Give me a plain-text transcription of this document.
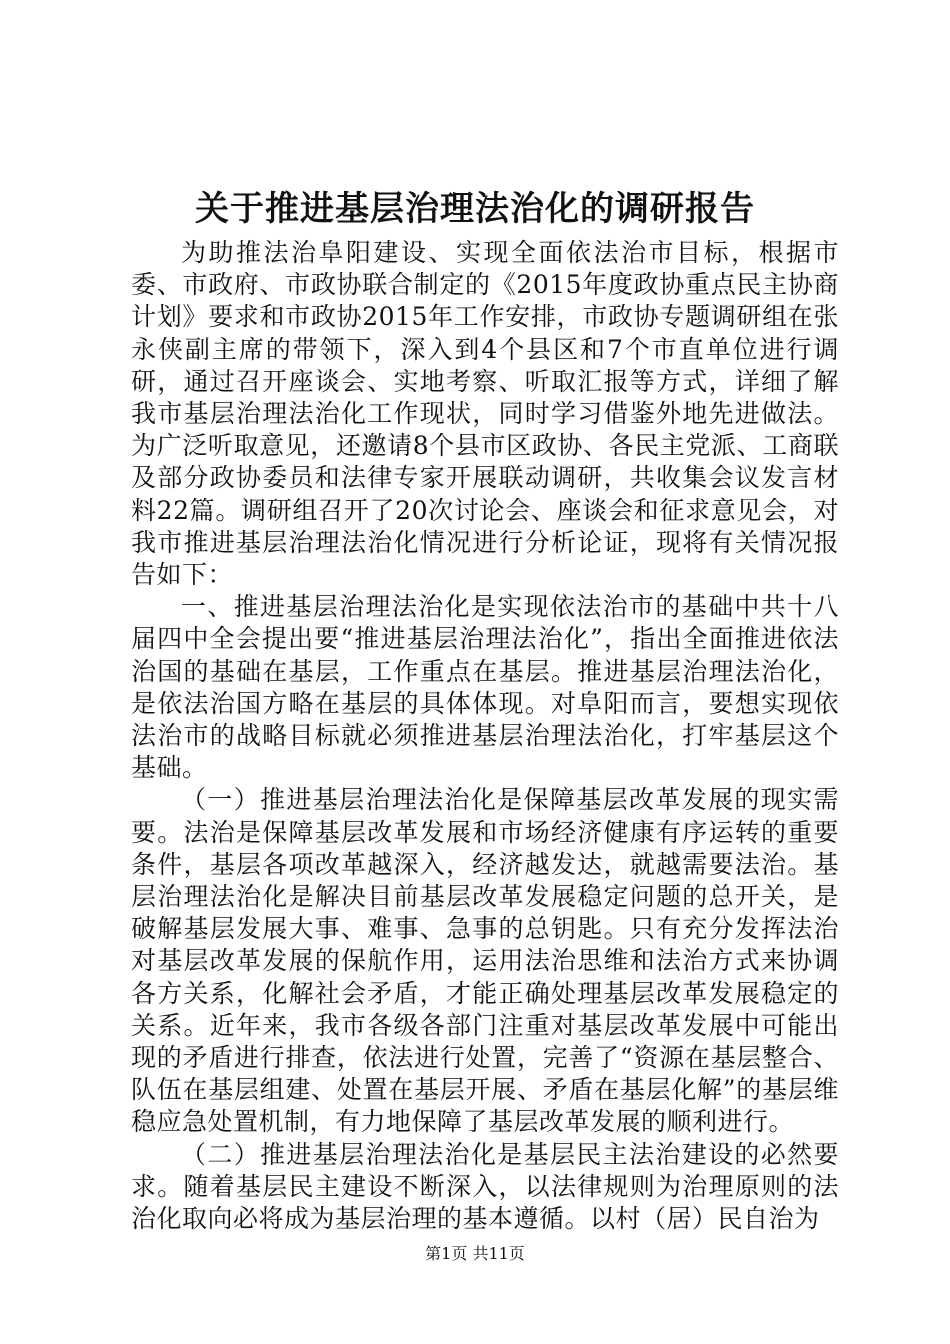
关于推进基层治理法治化的调研报告

为助推法治阜阳建设、实现全面依法治市目标，根据市委、市政府、市政协联合制定的《2015年度政协重点民主协商计划》要求和市政协2015年工作安排，市政协专题调研组在张永侠副主席的带领下，深入到4个县区和7个市直单位进行调研，通过召开座谈会、实地考察、听取汇报等方式，详细了解我市基层治理法治化工作现状，同时学习借鉴外地先进做法。为广泛听取意见，还邀请8个县市区政协、各民主党派、工商联及部分政协委员和法律专家开展联动调研，共收集会议发言材料22篇。调研组召开了20次讨论会、座谈会和征求意见会，对我市推进基层治理法治化情况进行分析论证，现将有关情况报告如下：

一、推进基层治理法治化是实现依法治市的基础中共十八届四中全会提出要“推进基层治理法治化”，指出全面推进依法治国的基础在基层，工作重点在基层。推进基层治理法治化，是依法治国方略在基层的具体体现。对阜阳而言，要想实现依法治市的战略目标就必须推进基层治理法治化，打牢基层这个基础。

（一）推进基层治理法治化是保障基层改革发展的现实需要。法治是保障基层改革发展和市场经济健康有序运转的重要条件，基层各项改革越深入，经济越发达，就越需要法治。基层治理法治化是解决目前基层改革发展稳定问题的总开关，是破解基层发展大事、难事、急事的总钥匙。只有充分发挥法治对基层改革发展的保航作用，运用法治思维和法治方式来协调各方关系，化解社会矛盾，才能正确处理基层改革发展稳定的关系。近年来，我市各级各部门注重对基层改革发展中可能出现的矛盾进行排查，依法进行处置，完善了“资源在基层整合、队伍在基层组建、处置在基层开展、矛盾在基层化解”的基层维稳应急处置机制，有力地保障了基层改革发展的顺利进行。

（二）推进基层治理法治化是基层民主法治建设的必然要求。随着基层民主建设不断深入，以法律规则为治理原则的法治化取向必将成为基层治理的基本遵循。以村（居）民自治为

第1页 共11页
